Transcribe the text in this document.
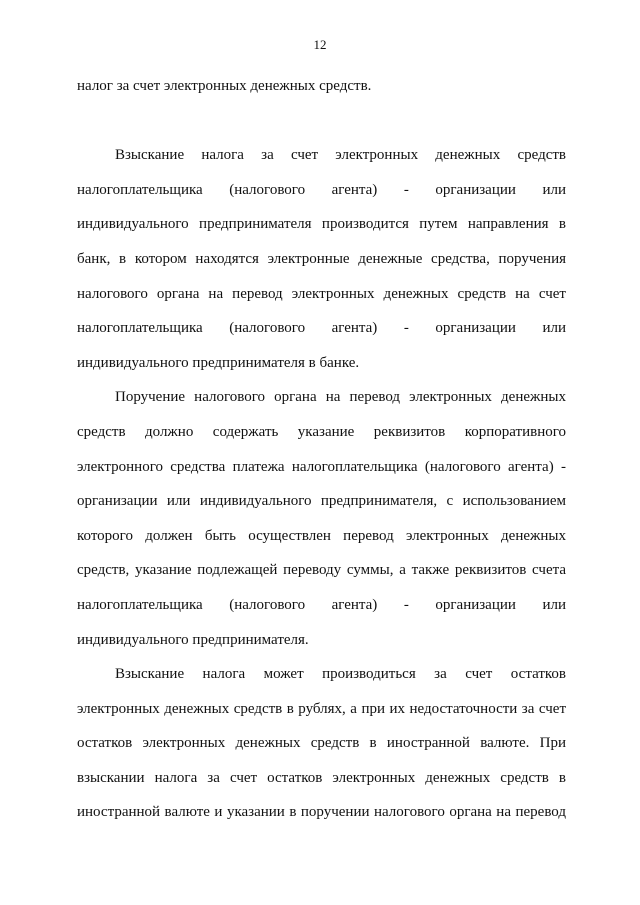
12
налог за счет электронных денежных средств.
Взыскание налога за счет электронных денежных средств
налогоплательщика (налогового агента) - организации или
индивидуального предпринимателя производится путем направления в
банк, в котором находятся электронные денежные средства, поручения
налогового органа на перевод электронных денежных средств на счет
налогоплательщика (налогового агента) - организации или
индивидуального предпринимателя в банке.
Поручение налогового органа на перевод электронных денежных
средств должно содержать указание реквизитов корпоративного
электронного средства платежа налогоплательщика (налогового агента) -
организации или индивидуального предпринимателя, с использованием
которого должен быть осуществлен перевод электронных денежных
средств, указание подлежащей переводу суммы, а также реквизитов счета
налогоплательщика (налогового агента) - организации или
индивидуального предпринимателя.
Взыскание налога может производиться за счет остатков
электронных денежных средств в рублях, а при их недостаточности за счет
остатков электронных денежных средств в иностранной валюте. При
взыскании налога за счет остатков электронных денежных средств в
иностранной валюте и указании в поручении налогового органа на перевод
